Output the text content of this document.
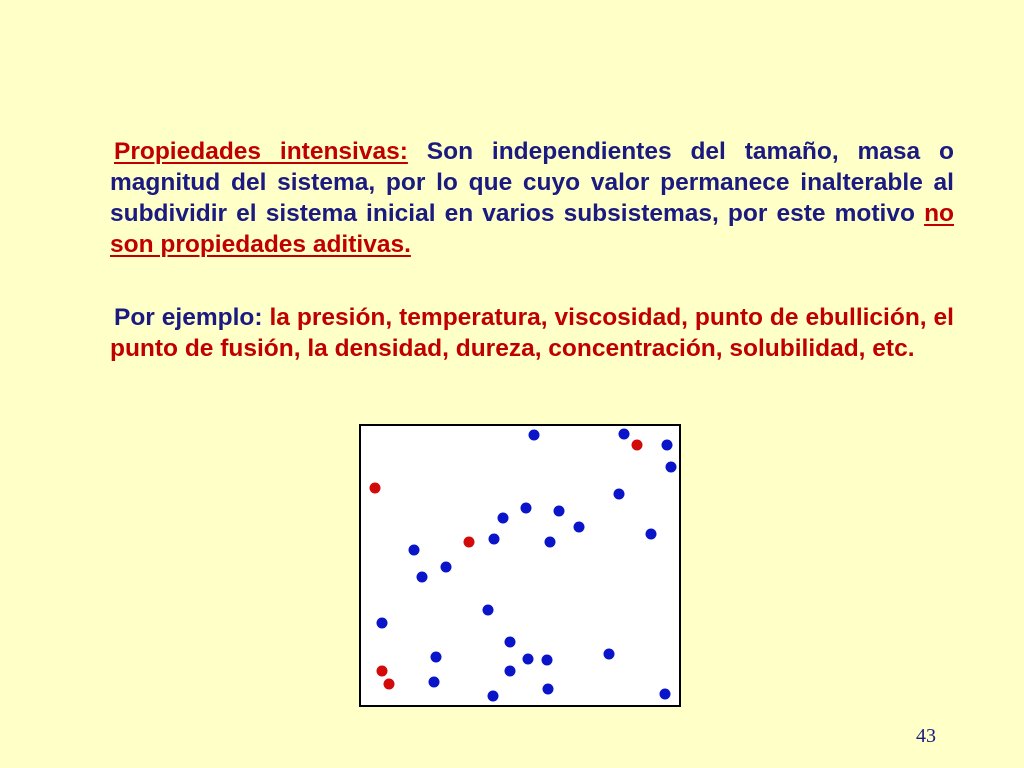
Propiedades intensivas: Son independientes del tamaño, masa o magnitud del sistema, por lo que cuyo valor permanece inalterable al subdividir el sistema inicial en varios subsistemas, por este motivo no son propiedades aditivas.

Por ejemplo: la presión, temperatura, viscosidad, punto de ebullición, el punto de fusión, la densidad, dureza, concentración, solubilidad, etc.

43
